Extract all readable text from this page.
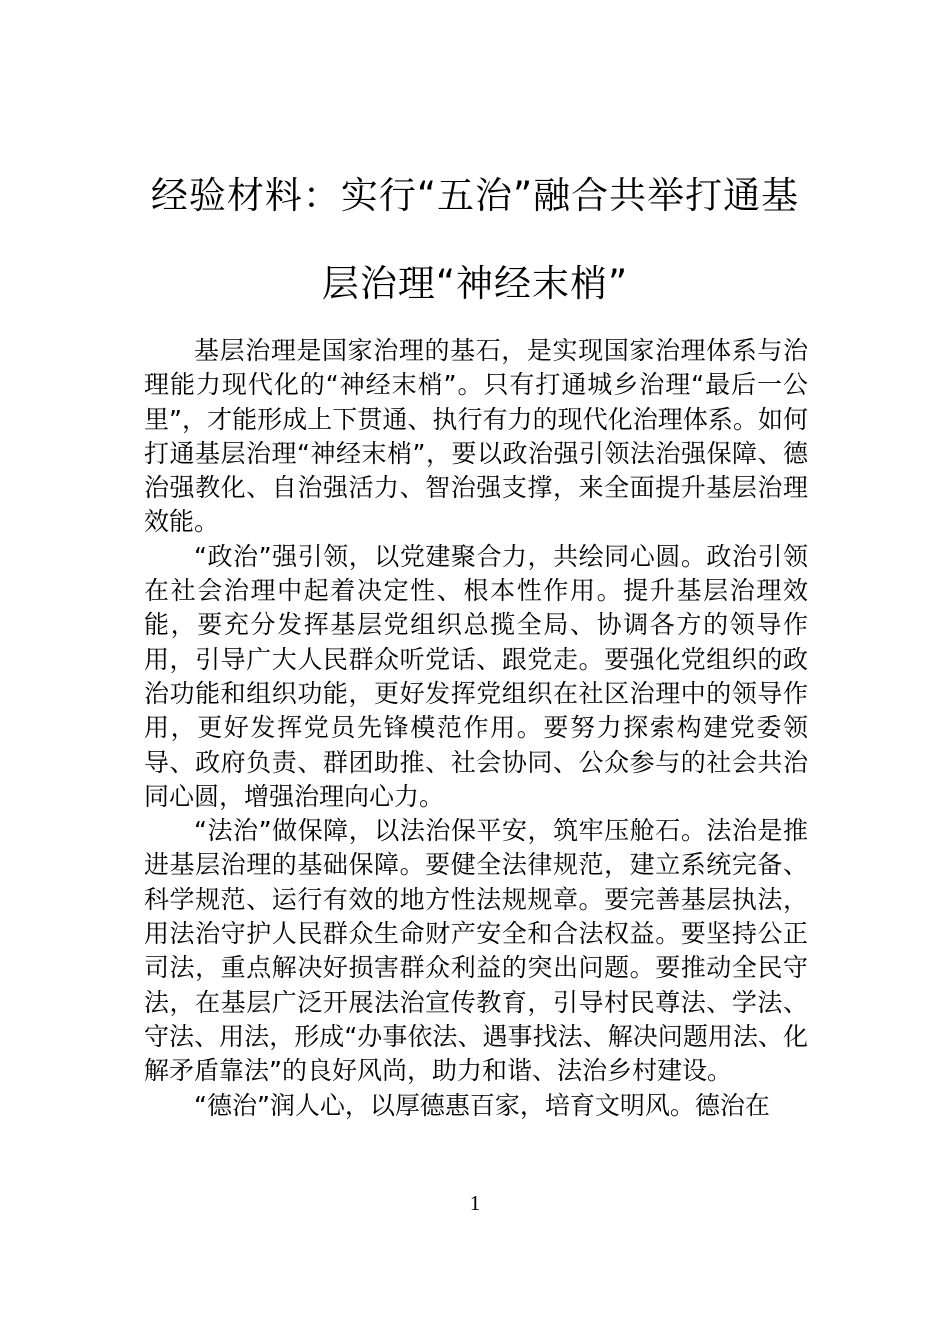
经验材料：实行“五治”融合共举打通基层治理“神经末梢”

基层治理是国家治理的基石，是实现国家治理体系与治理能力现代化的“神经末梢”。只有打通城乡治理“最后一公里”，才能形成上下贯通、执行有力的现代化治理体系。如何打通基层治理“神经末梢”，要以政治强引领法治强保障、德治强教化、自治强活力、智治强支撑，来全面提升基层治理效能。

“政治”强引领，以党建聚合力，共绘同心圆。政治引领在社会治理中起着决定性、根本性作用。提升基层治理效能，要充分发挥基层党组织总揽全局、协调各方的领导作用，引导广大人民群众听党话、跟党走。要强化党组织的政治功能和组织功能，更好发挥党组织在社区治理中的领导作用，更好发挥党员先锋模范作用。要努力探索构建党委领导、政府负责、群团助推、社会协同、公众参与的社会共治同心圆，增强治理向心力。

“法治”做保障，以法治保平安，筑牢压舱石。法治是推进基层治理的基础保障。要健全法律规范，建立系统完备、科学规范、运行有效的地方性法规规章。要完善基层执法，用法治守护人民群众生命财产安全和合法权益。要坚持公正司法，重点解决好损害群众利益的突出问题。要推动全民守法，在基层广泛开展法治宣传教育，引导村民尊法、学法、守法、用法，形成“办事依法、遇事找法、解决问题用法、化解矛盾靠法”的良好风尚，助力和谐、法治乡村建设。

“德治”润人心，以厚德惠百家，培育文明风。德治在

1
